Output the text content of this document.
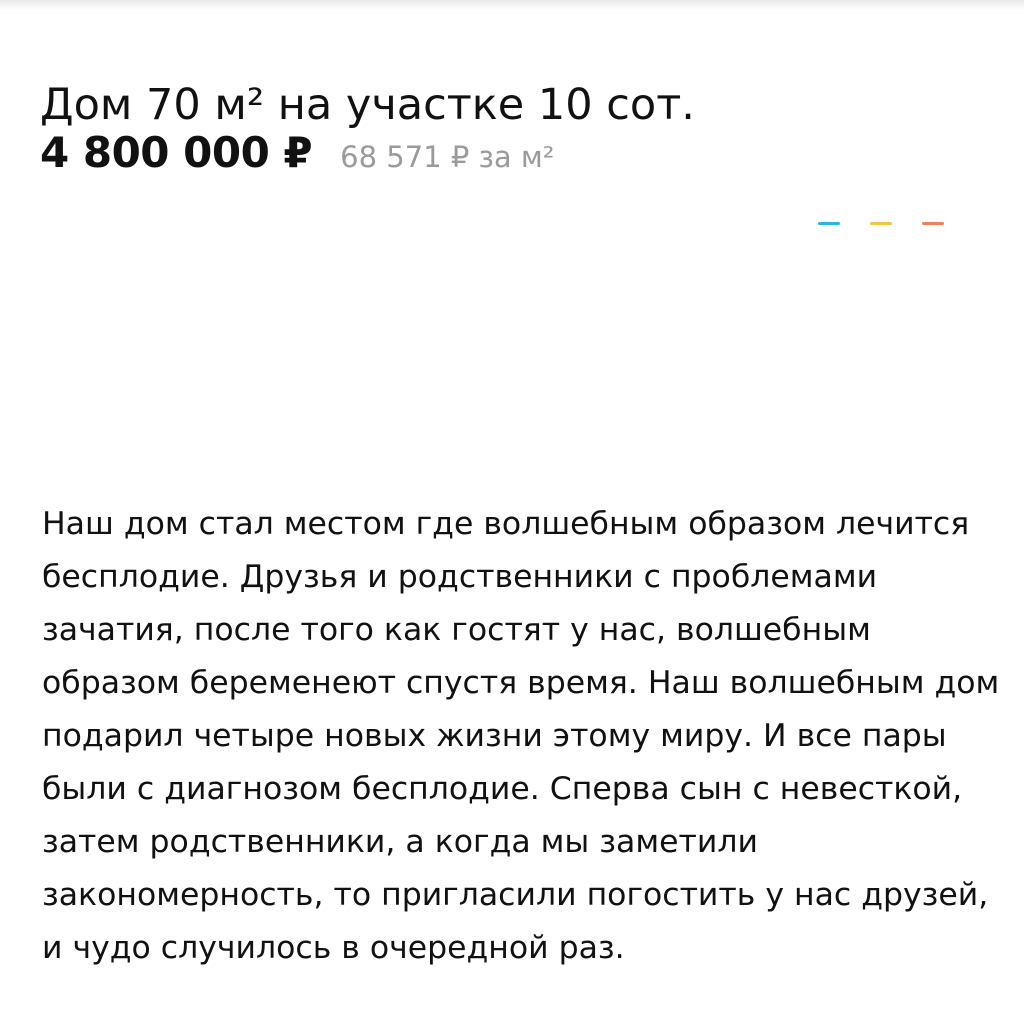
Дом 70 м² на участке 10 сот.
4 800 000 ₽ 68 571 ₽ за м²

Наш дом стал местом где волшебным образом лечится бесплодие. Друзья и родственники с проблемами зачатия, после того как гостят у нас, волшебным образом беременеют спустя время. Наш волшебным дом подарил четыре новых жизни этому миру. И все пары были с диагнозом бесплодие. Сперва сын с невесткой, затем родственники, а когда мы заметили закономерность, то пригласили погостить у нас друзей, и чудо случилось в очередной раз.
